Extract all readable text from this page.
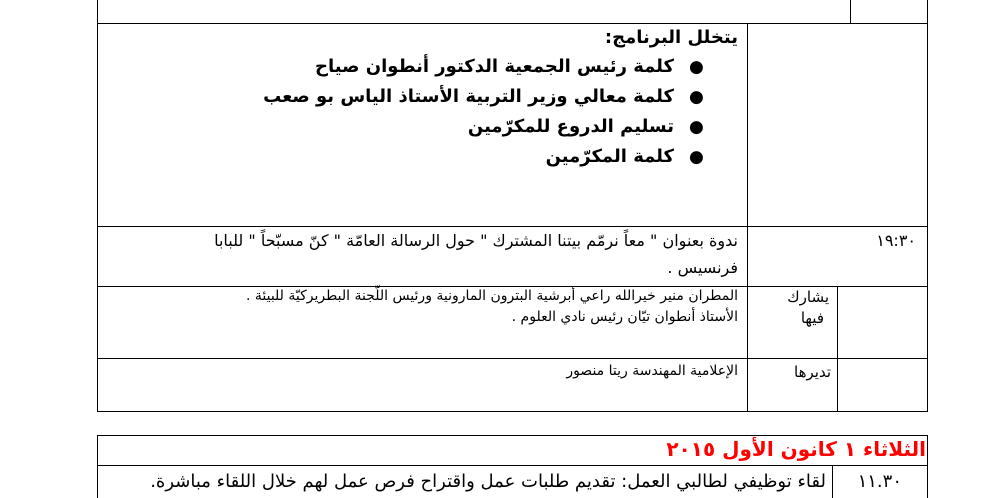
يتخلل البرنامج:
●
كلمة رئيس الجمعية الدكتور أنطوان صياح
●
كلمة معالي وزير التربية الأستاذ الياس بو صعب
●
تسليم الدروع للمكرّمين
●
كلمة المكرّمين
١٩:٣٠
ندوة بعنوان " معاً نرمّم بيتنا المشترك " حول الرسالة العامّة " كنّ مسبّحاً " للبابا
فرنسيس .
يشارك
فيها
المطران منير خيرالله راعي أبرشية البترون المارونية ورئيس اللّجنة البطريركيّة للبيئة .
الأستاذ أنطوان تيّان رئيس نادي العلوم .
تديرها
الإعلامية المهندسة ريتا منصور
الثلاثاء ١ كانون الأول ٢٠١٥
١١.٣٠
لقاء توظيفي لطالبي العمل: تقديم طلبات عمل واقتراح فرص عمل لهم خلال اللقاء مباشرة.
